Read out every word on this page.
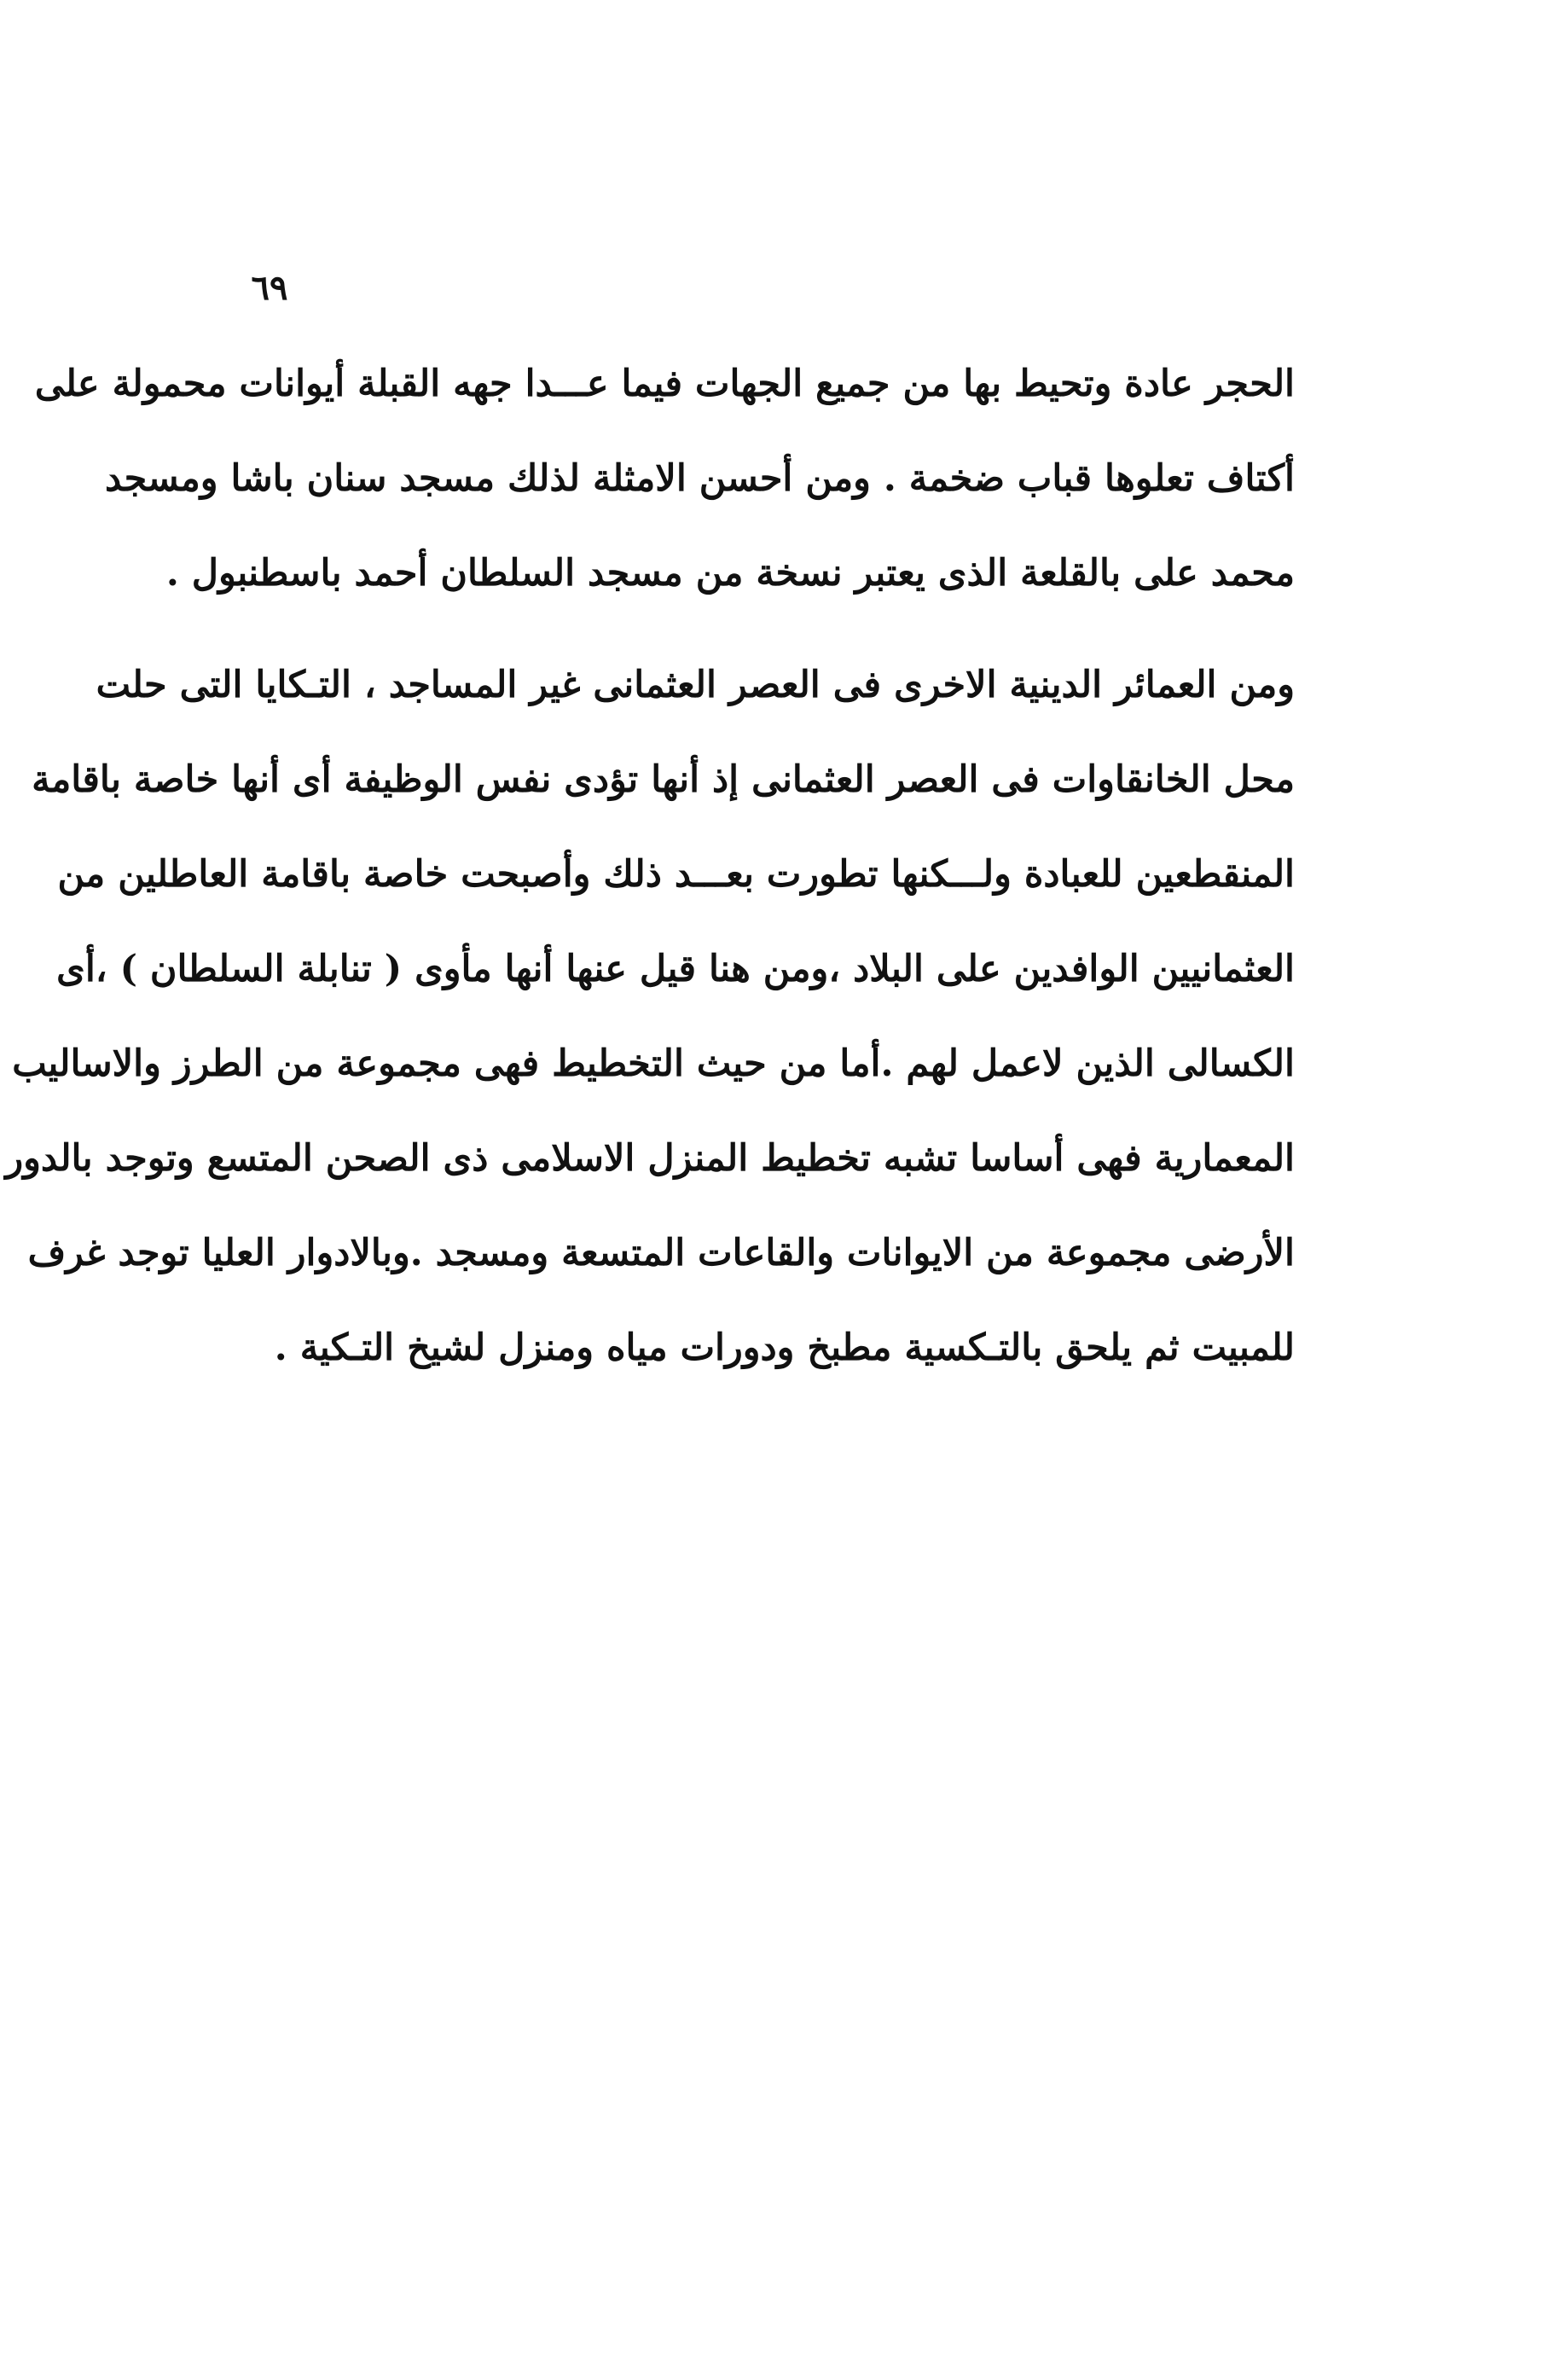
٦٩
الحجر عادة وتحيط بها من جميع الجهات فيما عـــدا جهه القبلة أيوانات محمولة على
أكتاف تعلوها قباب ضخمة . ومن أحسن الامثلة لذلك مسجد سنان باشا ومسجد
محمد على بالقلعة الذى يعتبر نسخة من مسجد السلطان أحمد باسطنبول .
ومن العمائر الدينية الاخرى فى العصر العثمانى غير المساجد ، التـكايا التى حلت
محل الخانقاوات فى العصر العثمانى إذ أنها تؤدى نفس الوظيفة أى أنها خاصة باقامة
المنقطعين للعبادة ولـــكنها تطورت بعـــد ذلك وأصبحت خاصة باقامة العاطلين من
العثمانيين الوافدين على البلاد ،ومن هنا قيل عنها أنها مأوى ( تنابلة السلطان ) ،أى
الكسالى الذين لاعمل لهم .أما من حيث التخطيط فهى مجموعة من الطرز والاساليب
المعمارية فهى أساسا تشبه تخطيط المنزل الاسلامى ذى الصحن المتسع وتوجد بالدور
الأرضى مجموعة من الايوانات والقاعات المتسعة ومسجد .وبالادوار العليا توجد غرف
للمبيت ثم يلحق بالتـكسية مطبخ ودورات مياه ومنزل لشيخ التـكية .
